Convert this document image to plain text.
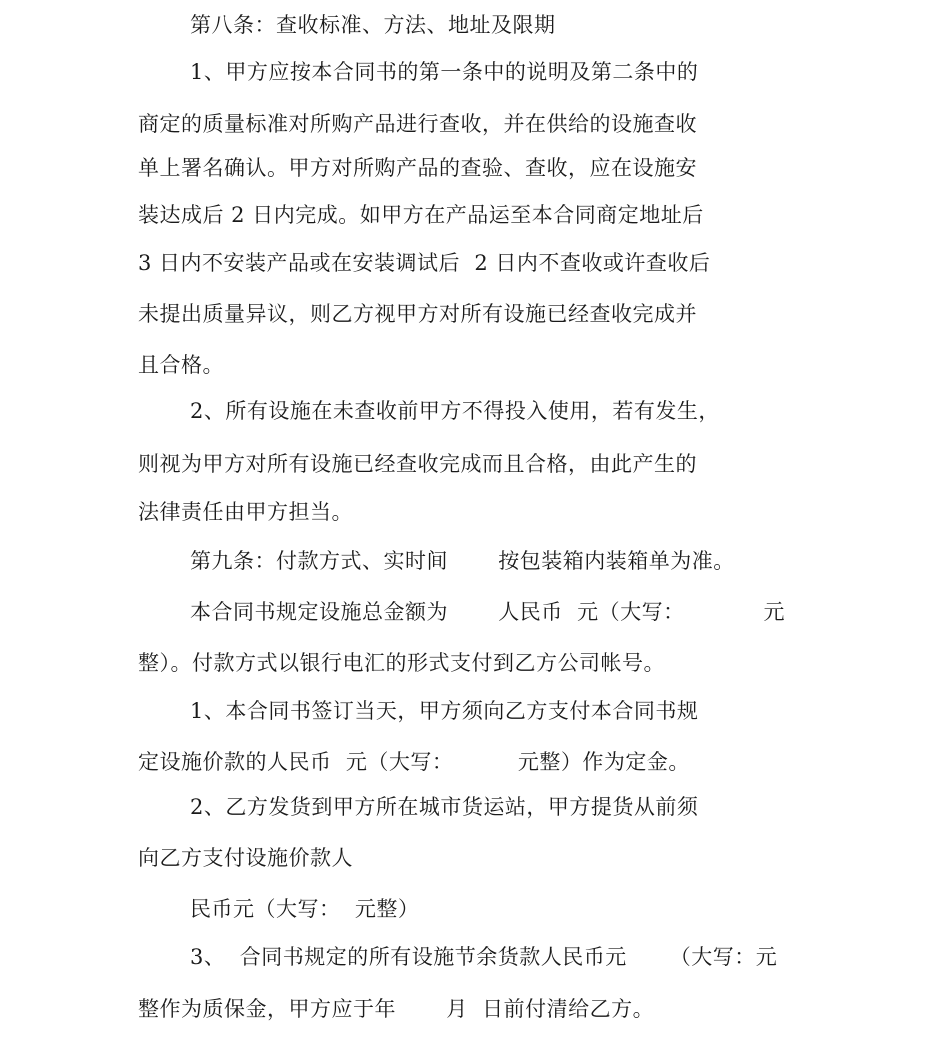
第八条：查收标准、方法、地址及限期
1、甲方应按本合同书的第一条中的说明及第二条中的
商定的质量标准对所购产品进行查收，并在供给的设施查收
单上署名确认。甲方对所购产品的查验、查收，应在设施安
装达成后 2 日内完成。如甲方在产品运至本合同商定地址后
3 日内不安装产品或在安装调试后  2 日内不查收或许查收后
未提出质量异议，则乙方视甲方对所有设施已经查收完成并
且合格。
2、所有设施在未查收前甲方不得投入使用，若有发生，
则视为甲方对所有设施已经查收完成而且合格，由此产生的
法律责任由甲方担当。
第九条：付款方式、实时间       按包装箱内装箱单为准。
本合同书规定设施总金额为       人民币  元（大写：           元
整）。付款方式以银行电汇的形式支付到乙方公司帐号。
1、本合同书签订当天，甲方须向乙方支付本合同书规
定设施价款的人民币  元（大写：         元整）作为定金。
2、乙方发货到甲方所在城市货运站，甲方提货从前须
向乙方支付设施价款人
民币元（大写：  元整）
3、  合同书规定的所有设施节余货款人民币元      （大写：元
整作为质保金，甲方应于年       月  日前付清给乙方。
